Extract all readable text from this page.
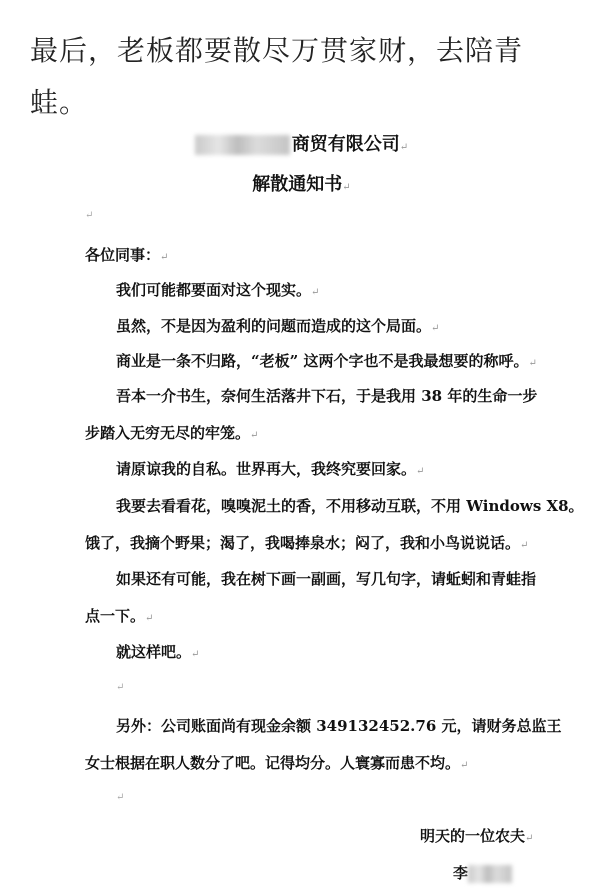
最后，老板都要散尽万贯家财，去陪青
蛙。
商贸有限公司↵
解散通知书↵
↵
各位同事：↵
我们可能都要面对这个现实。↵
虽然，不是因为盈利的问题而造成的这个局面。↵
商业是一条不归路，“老板” 这两个字也不是我最想要的称呼。↵
吾本一介书生，奈何生活落井下石，于是我用 38 年的生命一步
步踏入无穷无尽的牢笼。↵
请原谅我的自私。世界再大，我终究要回家。↵
我要去看看花，嗅嗅泥土的香，不用移动互联，不用 Windows X8。
饿了，我摘个野果；渴了，我喝捧泉水；闷了，我和小鸟说说话。↵
如果还有可能，我在树下画一副画，写几句字，请蚯蚓和青蛙指
点一下。↵
就这样吧。↵
↵
另外：公司账面尚有现金余额 349132452.76 元，请财务总监王
女士根据在职人数分了吧。记得均分。人寰寡而患不均。↵
↵
明天的一位农夫↵
李
